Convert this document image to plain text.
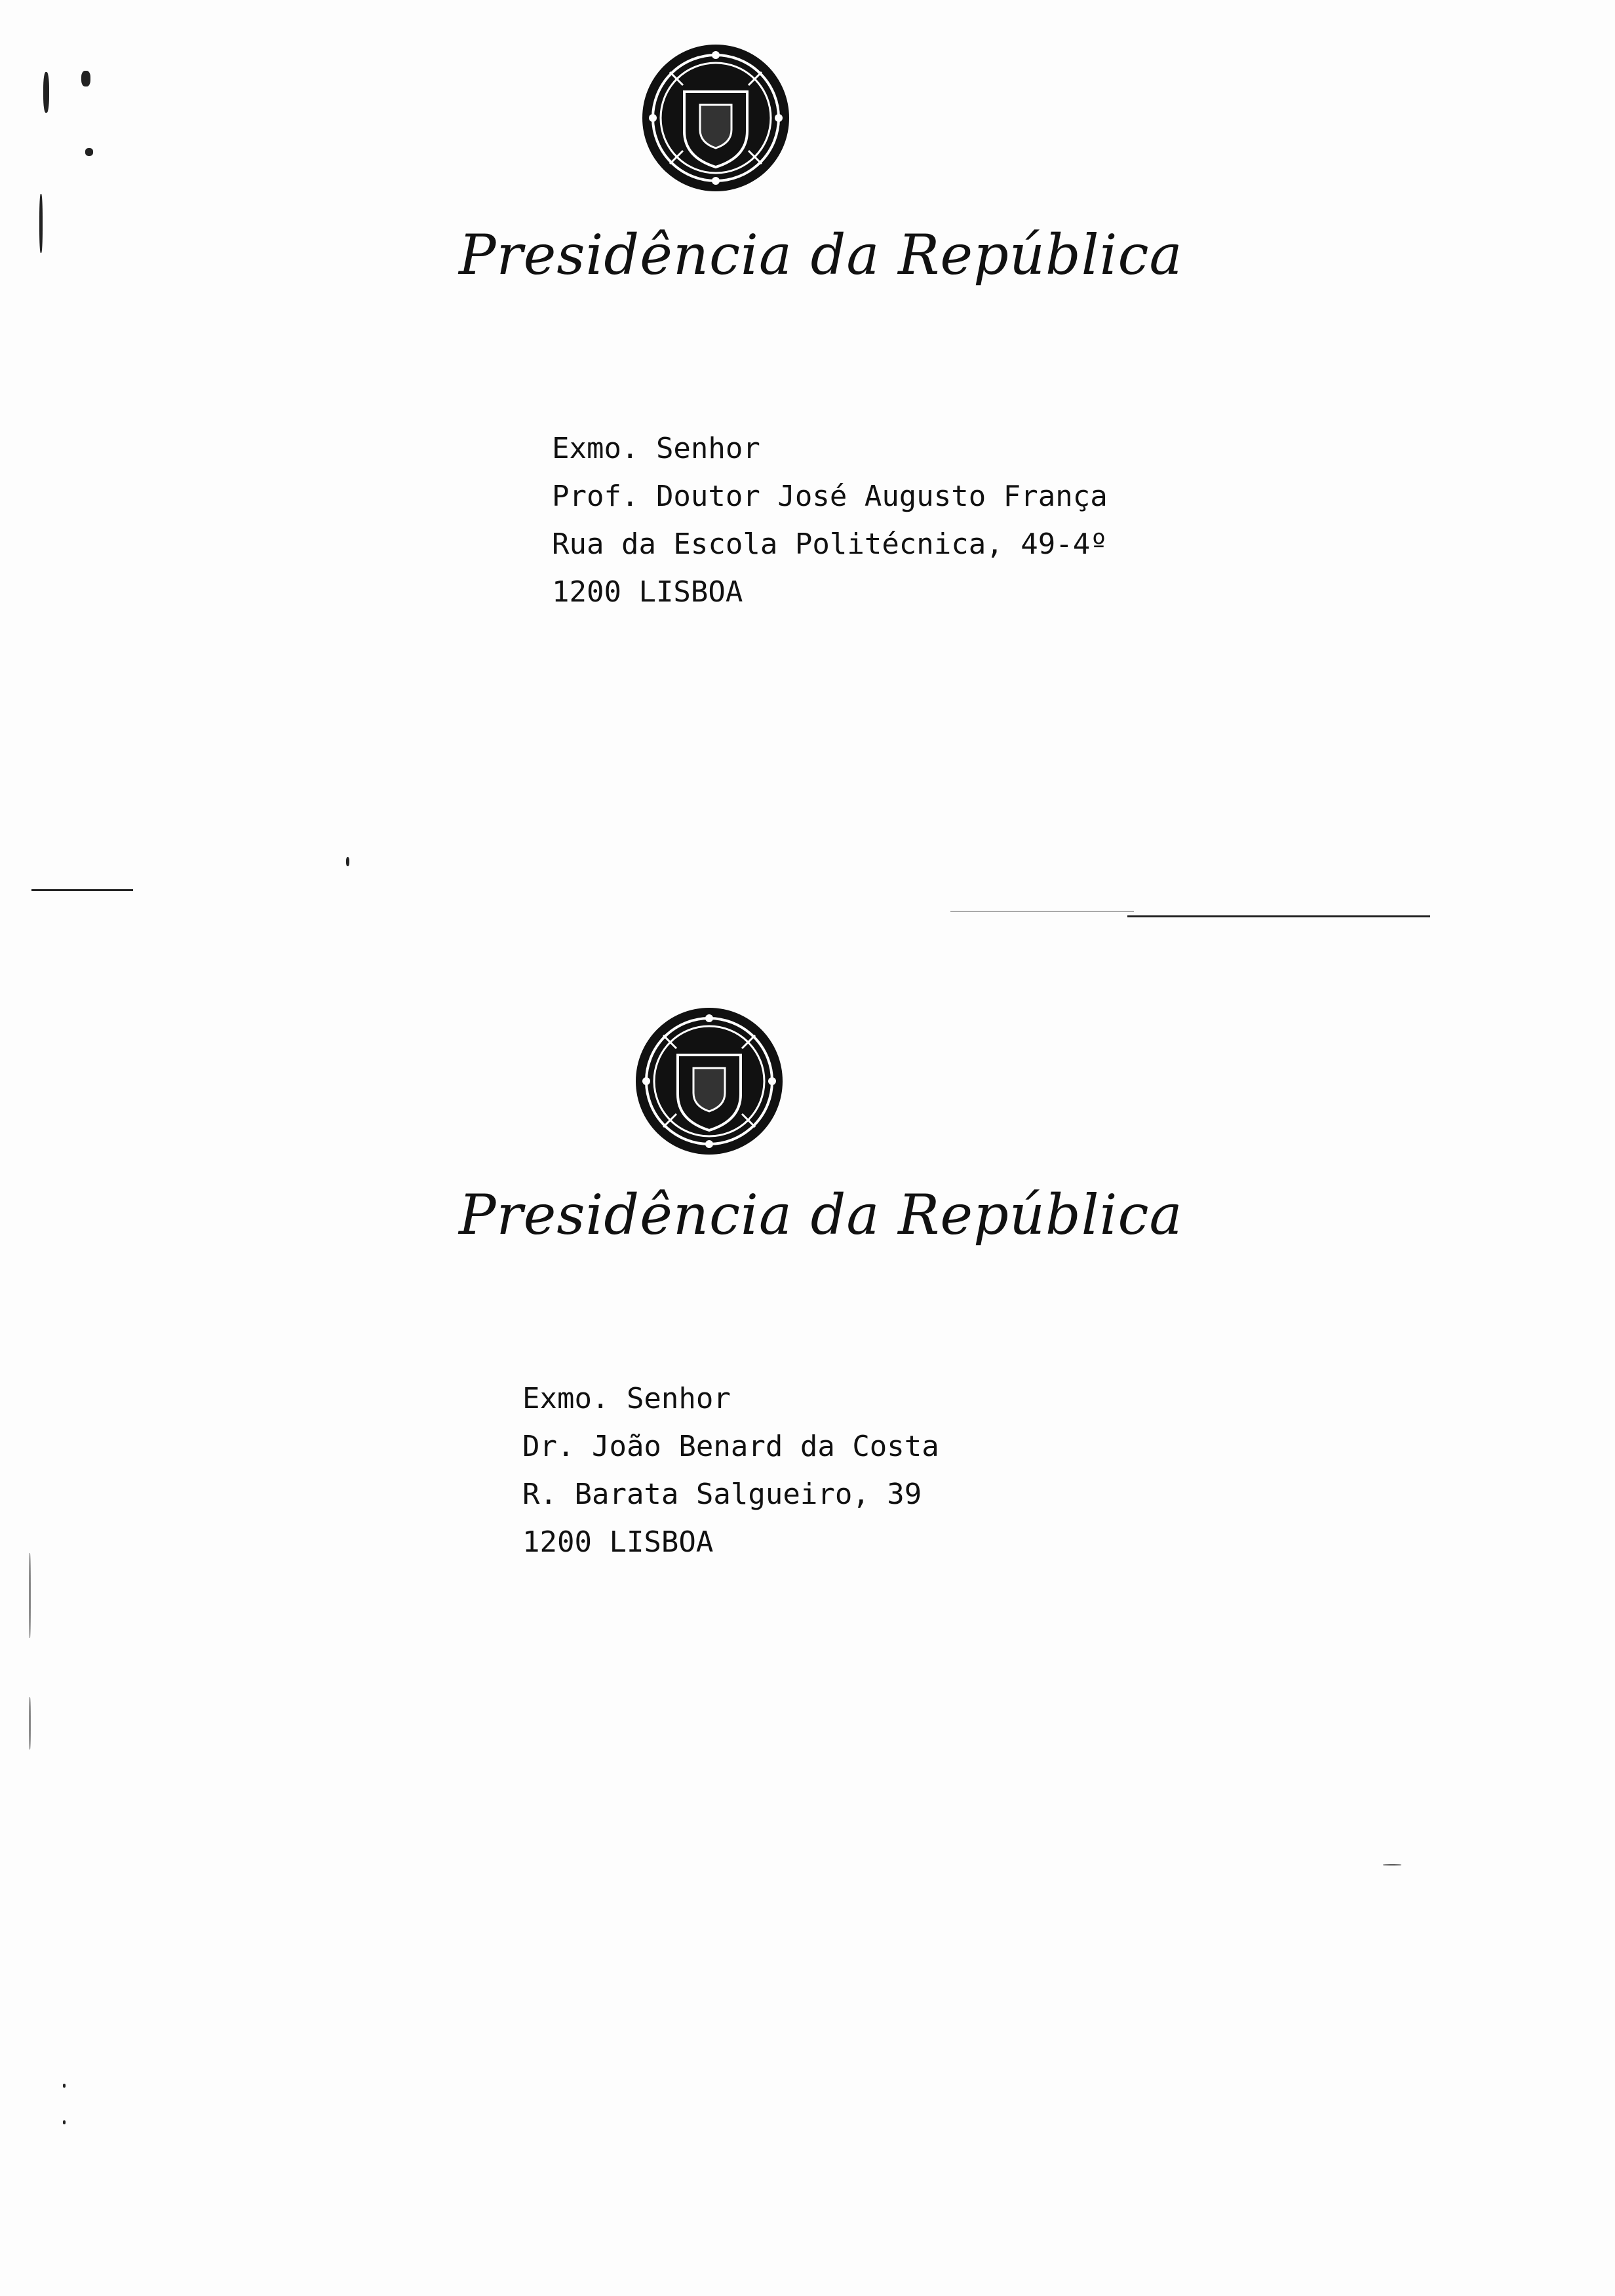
Presidência da República
Exmo. Senhor
Prof. Doutor José Augusto França
Rua da Escola Politécnica, 49-4º
1200 LISBOA
Presidência da República
Exmo. Senhor
Dr. João Benard da Costa
R. Barata Salgueiro, 39
1200 LISBOA
